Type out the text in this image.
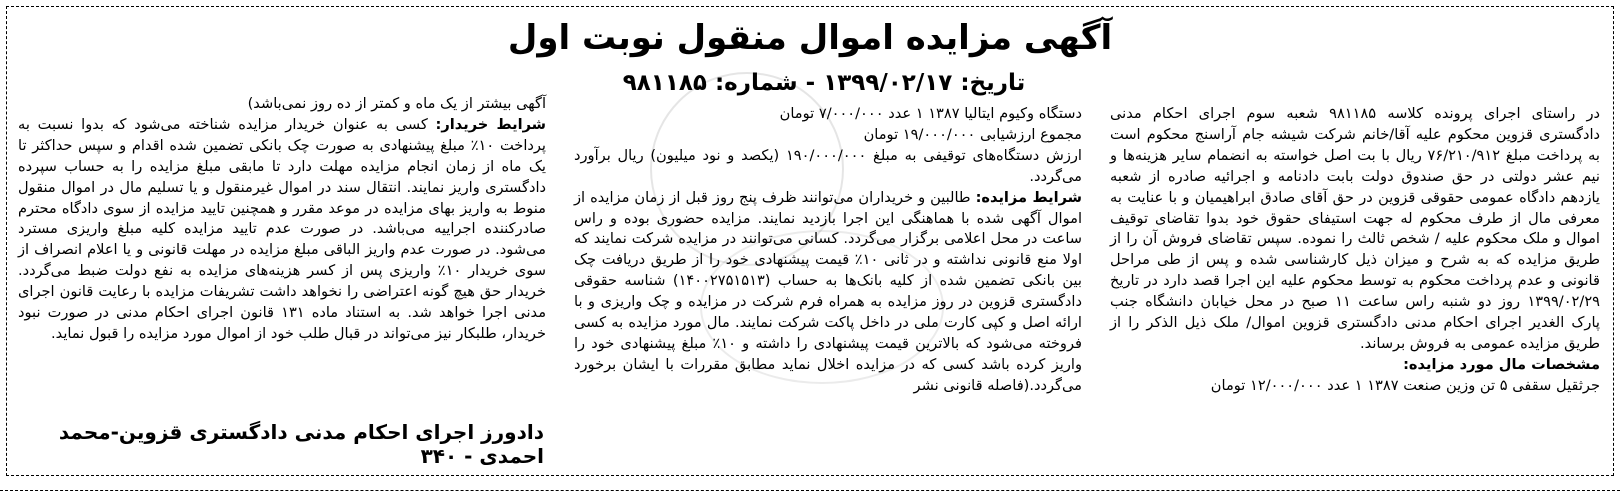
آگهی مزایده اموال منقول نوبت اول
تاریخ: ۱۳۹۹/۰۲/۱۷ - شماره: ۹۸۱۱۸۵

در راستای اجرای پرونده کلاسه ۹۸۱۱۸۵ شعبه سوم اجرای احکام مدنی دادگستری قزوین محکوم علیه آقا/خانم شرکت شیشه جام آراسنج محکوم است به پرداخت مبلغ ۷۶/۲۱۰/۹۱۲ ریال با بت اصل خواسته به انضمام سایر هزینه‌ها و نیم عشر دولتی در حق صندوق دولت بابت دادنامه و اجرائیه صادره از شعبه یازدهم دادگاه عمومی حقوقی قزوین در حق آقای صادق ابراهیمیان و با عنایت به معرفی مال از طرف محکوم له جهت استیفای حقوق خود بدوا تقاضای توقیف اموال و ملک محکوم علیه / شخص ثالث را نموده. سپس تقاضای فروش آن را از طریق مزایده که به شرح و میزان ذیل کارشناسی شده و پس از طی مراحل قانونی و عدم پرداخت محکوم به توسط محکوم علیه این اجرا قصد دارد در تاریخ ۱۳۹۹/۰۲/۲۹ روز دو شنبه راس ساعت ۱۱ صبح در محل خیابان دانشگاه جنب پارک الغدیر اجرای احکام مدنی دادگستری قزوین اموال/ ملک ذیل الذکر را از طریق مزایده عمومی به فروش برساند.

مشخصات مال مورد مزایده:

جرثقیل سقفی ۵ تن وزین صنعت ۱۳۸۷ ۱ عدد ۱۲/۰۰۰/۰۰۰ تومان

دستگاه وکیوم ایتالیا ۱۳۸۷ ۱ عدد ۷/۰۰۰/۰۰۰ تومان

مجموع ارزشیابی ۱۹/۰۰۰/۰۰۰ تومان

ارزش دستگاه‌های توقیفی به مبلغ ۱۹۰/۰۰۰/۰۰۰ (یکصد و نود میلیون) ریال برآورد می‌گردد.

شرایط مزایده: طالبین و خریداران می‌توانند ظرف پنج روز قبل از زمان مزایده از اموال آگهی شده با هماهنگی این اجرا بازدید نمایند. مزایده حضوری بوده و راس ساعت در محل اعلامی برگزار می‌گردد. کسانی می‌توانند در مزایده شرکت نمایند که اولا منع قانونی نداشته و در ثانی ۱۰٪ قیمت پیشنهادی خود را از طریق دریافت چک بین بانکی تضمین شده از کلیه بانک‌ها به حساب (۱۴۰۰۲۷۵۱۵۱۳) شناسه حقوقی دادگستری قزوین در روز مزایده به همراه فرم شرکت در مزایده و چک واریزی و با ارائه اصل و کپی کارت ملی در داخل پاکت شرکت نمایند. مال مورد مزایده به کسی فروخته می‌شود که بالاترین قیمت پیشنهادی را داشته و ۱۰٪ مبلغ پیشنهادی خود را واریز کرده باشد کسی که در مزایده اخلال نماید مطابق مقررات با ایشان برخورد می‌گردد.(فاصله قانونی نشر

آگهی بیشتر از یک ماه و کمتر از ده روز نمی‌باشد)

شرایط خریدار: کسی به عنوان خریدار مزایده شناخته می‌شود که بدوا نسبت به پرداخت ۱۰٪ مبلغ پیشنهادی به صورت چک بانکی تضمین شده اقدام و سپس حداکثر تا یک ماه از زمان انجام مزایده مهلت دارد تا مابقی مبلغ مزایده را به حساب سپرده دادگستری واریز نمایند. انتقال سند در اموال غیرمنقول و یا تسلیم مال در اموال منقول منوط به واریز بهای مزایده در موعد مقرر و همچنین تایید مزایده از سوی دادگاه محترم صادرکننده اجراییه می‌باشد. در صورت عدم تایید مزایده کلیه مبلغ واریزی مسترد می‌شود. در صورت عدم واریز الباقی مبلغ مزایده در مهلت قانونی و یا اعلام انصراف از سوی خریدار ۱۰٪ واریزی پس از کسر هزینه‌های مزایده به نفع دولت ضبط می‌گردد. خریدار حق هیچ گونه اعتراضی را نخواهد داشت تشریفات مزایده با رعایت قانون اجرای مدنی اجرا خواهد شد. به استناد ماده ۱۳۱ قانون اجرای احکام مدنی در صورت نبود خریدار، طلبکار نیز می‌تواند در قبال طلب خود از اموال مورد مزایده را قبول نماید.

دادورز اجرای احکام مدنی دادگستری قزوین-محمد احمدی - ۳۴۰
